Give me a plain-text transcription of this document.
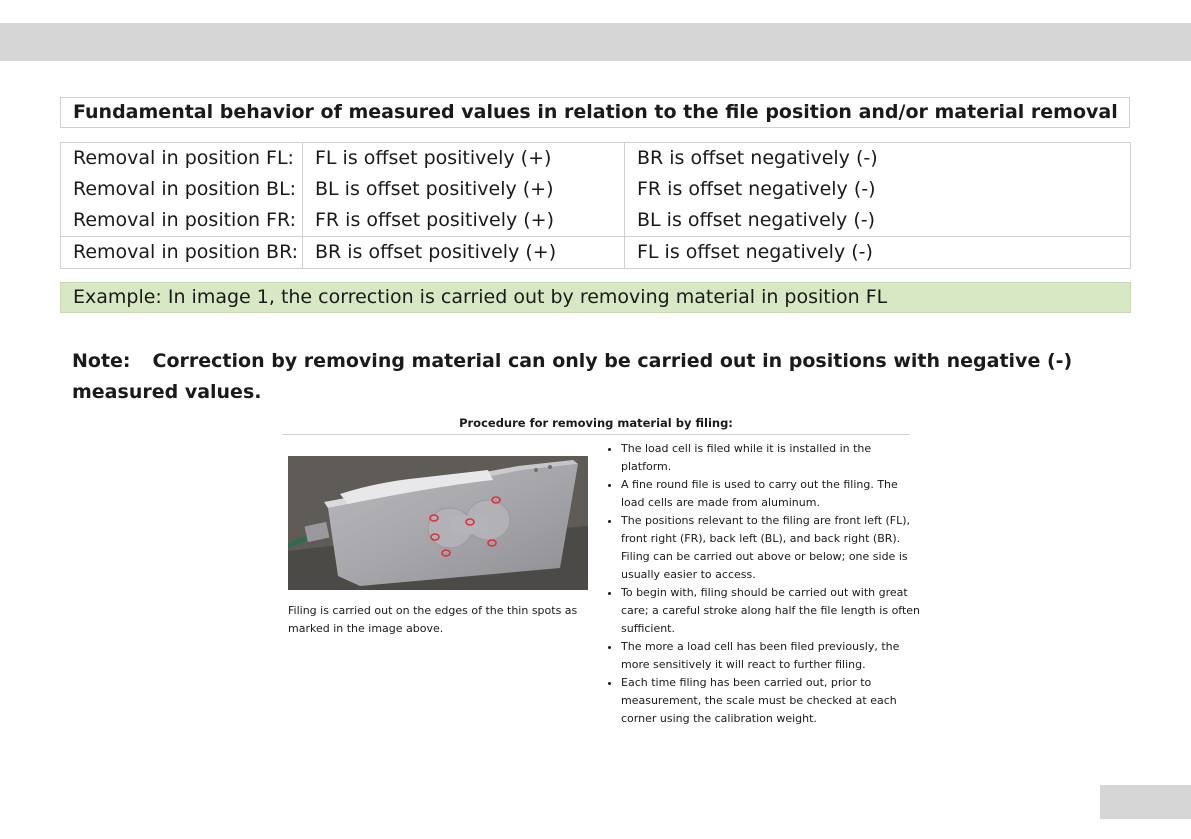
Fundamental behavior of measured values in relation to the file position and/or material removal
Removal in position FL:	FL is offset positively (+)	BR is offset negatively (-)
Removal in position BL:	BL is offset positively (+)	FR is offset negatively (-)
Removal in position FR:	FR is offset positively (+)	BL is offset negatively (-)
Removal in position BR:	BR is offset positively (+)	FL is offset negatively (-)
Example: In image 1, the correction is carried out by removing material in position FL
Note: Correction by removing material can only be carried out in positions with negative (-) measured values.
Procedure for removing material by filing:
Filing is carried out on the edges of the thin spots as marked in the image above.
• The load cell is filed while it is installed in the platform.
• A fine round file is used to carry out the filing. The load cells are made from aluminum.
• The positions relevant to the filing are front left (FL), front right (FR), back left (BL), and back right (BR). Filing can be carried out above or below; one side is usually easier to access.
• To begin with, filing should be carried out with great care; a careful stroke along half the file length is often sufficient.
• The more a load cell has been filed previously, the more sensitively it will react to further filing.
• Each time filing has been carried out, prior to measurement, the scale must be checked at each corner using the calibration weight.
